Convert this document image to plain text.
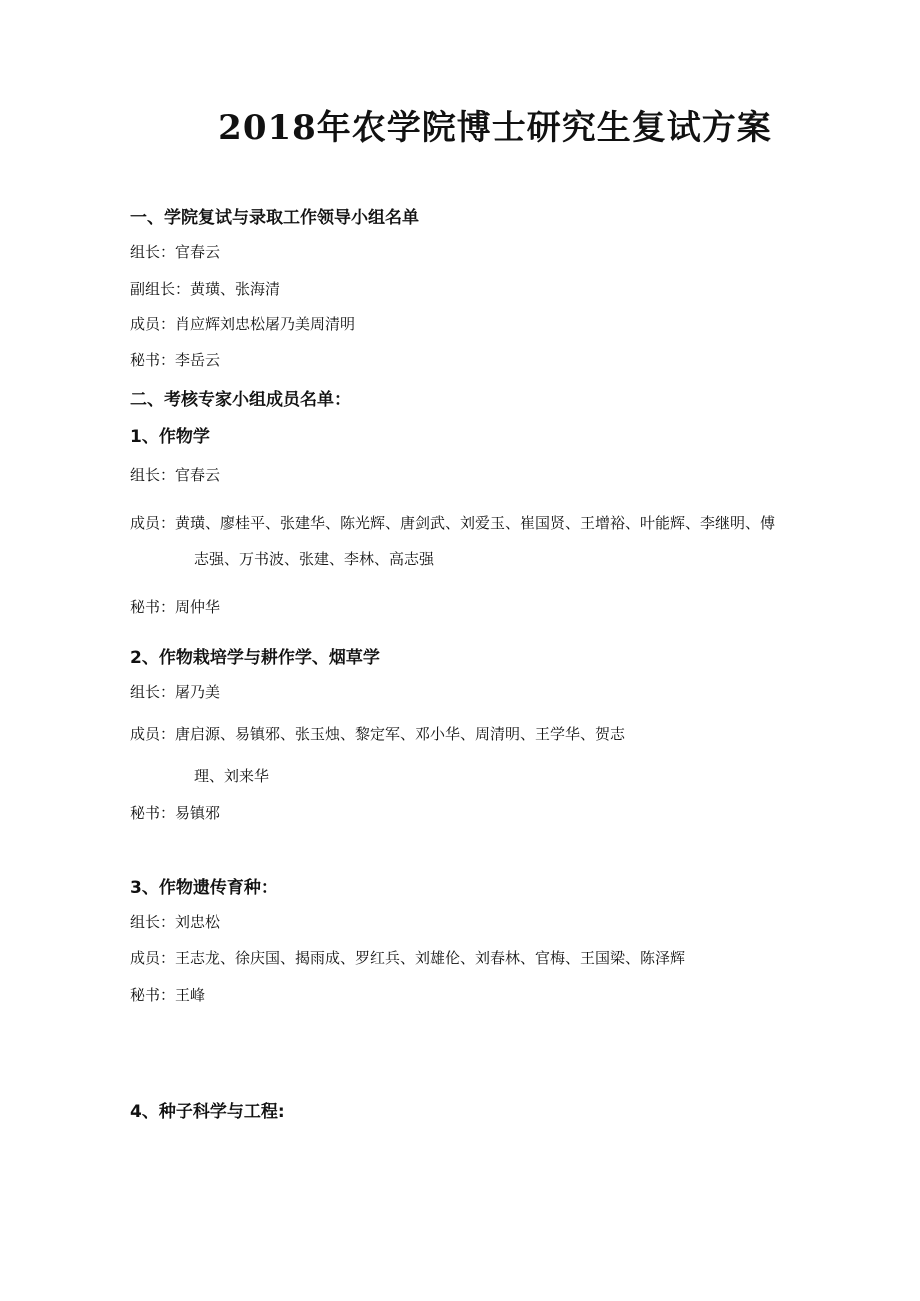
2018年农学院博士研究生复试方案
一、学院复试与录取工作领导小组名单
组长：官春云
副组长：黄璜、张海清
成员：肖应辉刘忠松屠乃美周清明
秘书：李岳云
二、考核专家小组成员名单：
1、作物学
组长：官春云
成员：黄璜、廖桂平、张建华、陈光辉、唐剑武、刘爱玉、崔国贤、王增裕、叶能辉、李继明、傅
志强、万书波、张建、李林、高志强
秘书：周仲华
2、作物栽培学与耕作学、烟草学
组长：屠乃美
成员：唐启源、易镇邪、张玉烛、黎定军、邓小华、周清明、王学华、贺志
理、刘来华
秘书：易镇邪
3、作物遗传育种：
组长：刘忠松
成员：王志龙、徐庆国、揭雨成、罗红兵、刘雄伦、刘春林、官梅、王国梁、陈泽辉
秘书：王峰
4、种子科学与工程:
